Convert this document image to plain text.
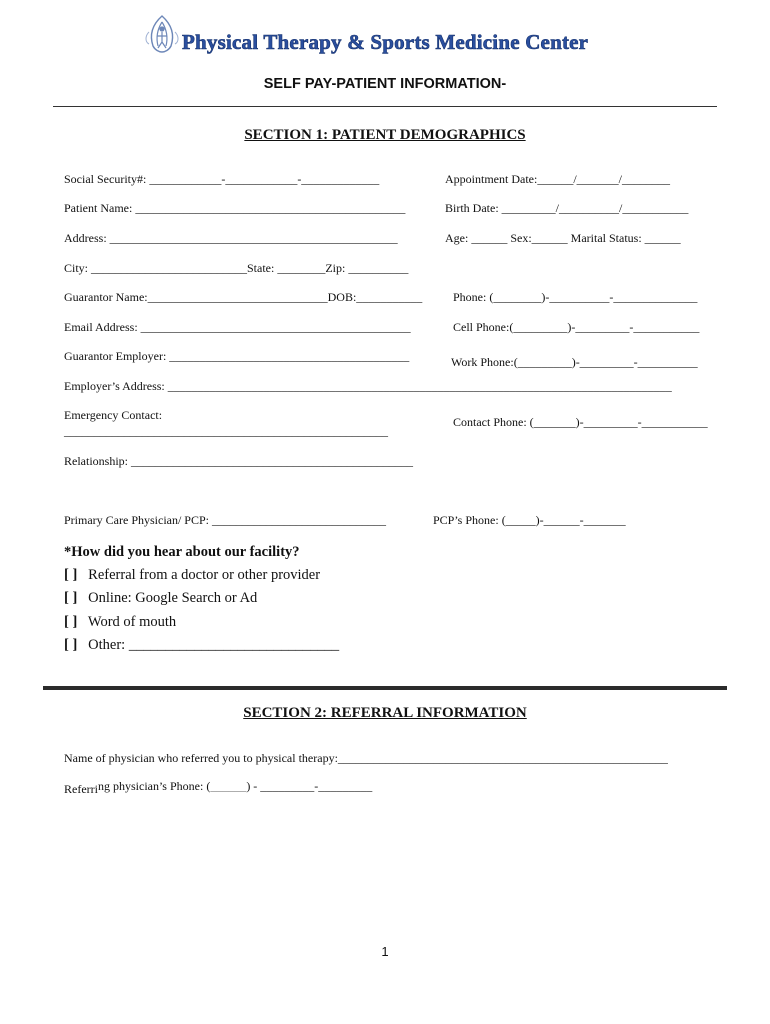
Physical Therapy & Sports Medicine Center
SELF PAY-PATIENT INFORMATION-
SECTION 1: PATIENT DEMOGRAPHICS
Social Security#: ____________-____________-_____________	Appointment Date:______/_______/________
Patient Name: _____________________________________________	Birth Date: _________/__________/___________
Address: ________________________________________________	Age: ______ Sex:______ Marital Status: ______
City: __________________________State: ________Zip: __________
Guarantor Name:______________________________DOB:___________	Phone: (________)-__________-______________
Email Address: _____________________________________________	Cell Phone:(_________)-_________-___________
Guarantor Employer: ________________________________________	Work Phone:(_________)-_________-__________
Employer’s Address: ____________________________________________________________________________________
Emergency Contact:
______________________________________________________
Contact Phone: (_______)-_________-___________
Relationship: _______________________________________________
Primary Care Physician/ PCP: _____________________________	PCP’s Phone: (_____)-______-_______
*How did you hear about our facility?
[ ] Referral from a doctor or other provider
[ ] Online: Google Search or Ad
[ ] Word of mouth
[ ] Other: _____________________________
SECTION 2: REFERRAL INFORMATION
Name of physician who referred you to physical therapy:_______________________________________________________
Referring physician’s Phone: (______) - _________-_________
1
